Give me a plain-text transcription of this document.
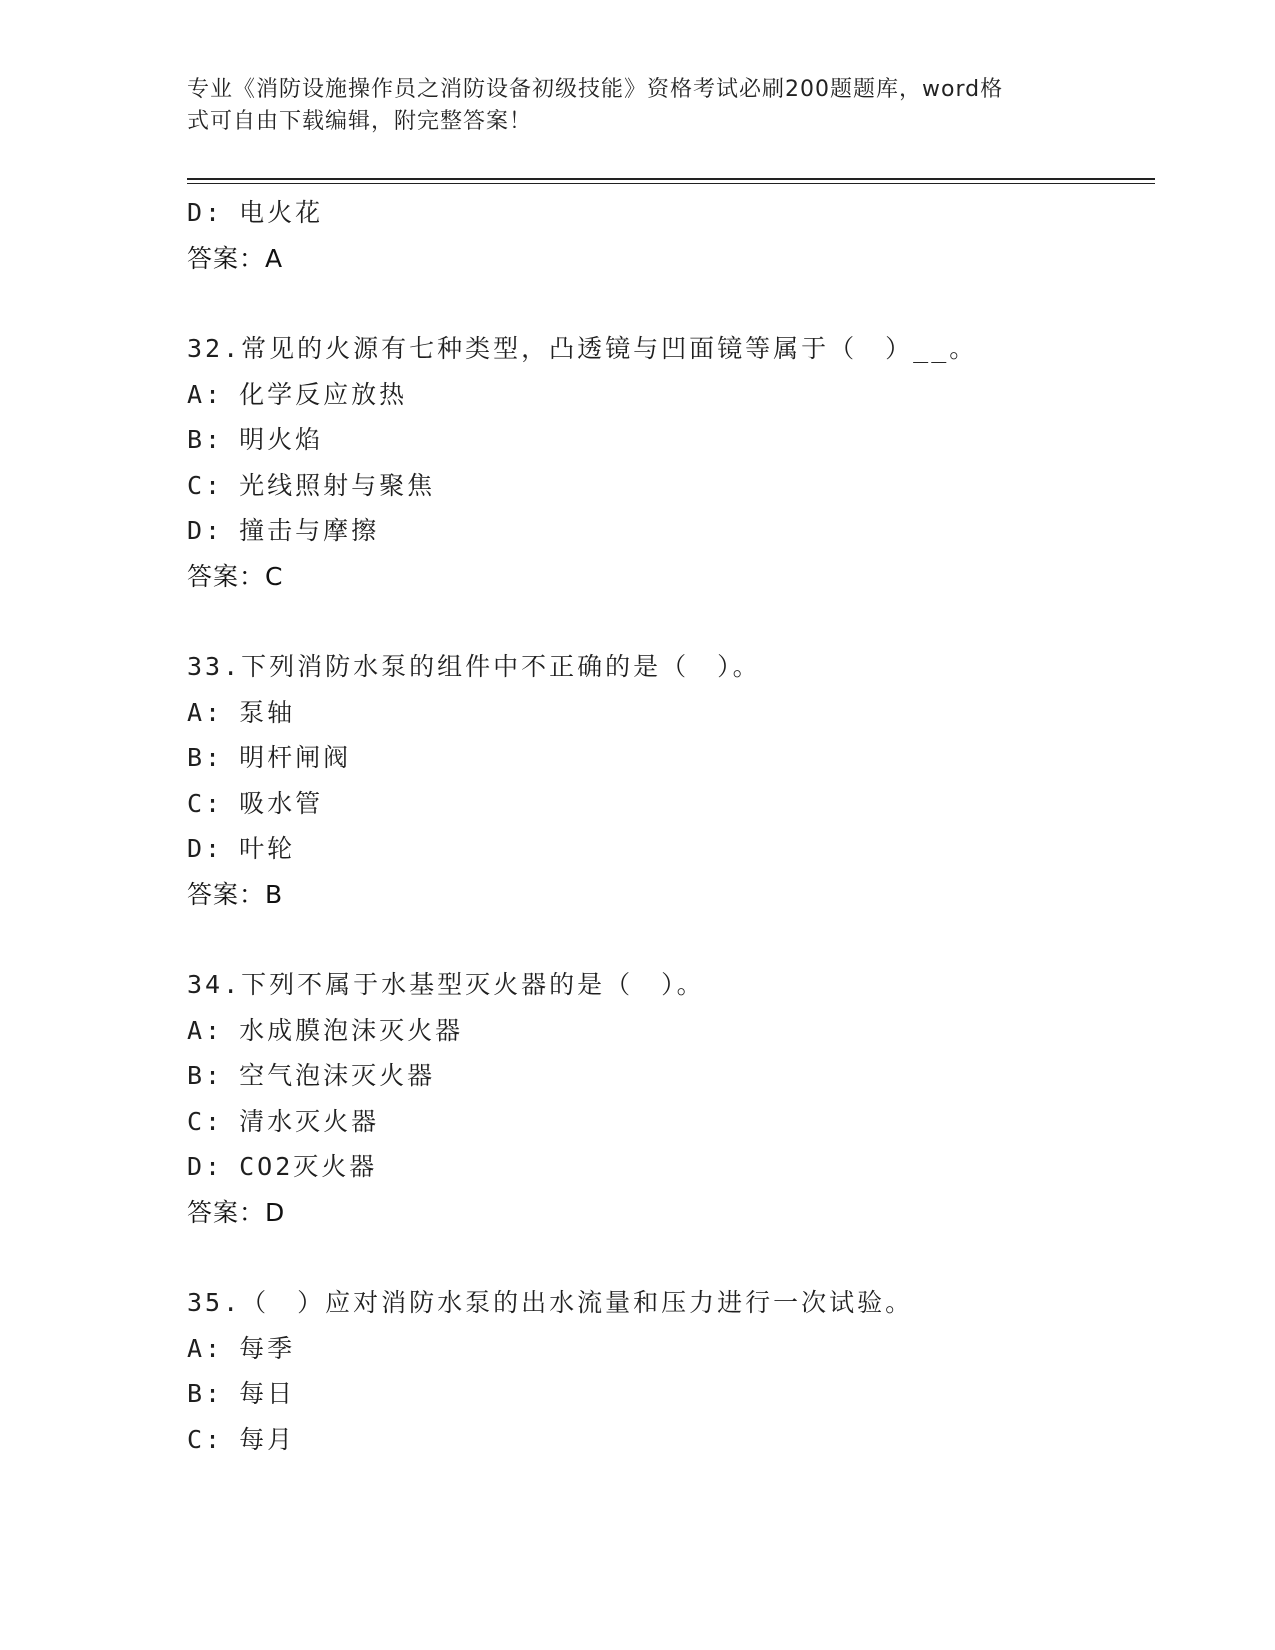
专业《消防设施操作员之消防设备初级技能》资格考试必刷200题题库，word格
式可自由下载编辑，附完整答案！
D: 电火花
答案：A
32.常见的火源有七种类型，凸透镜与凹面镜等属于（　）__。
A: 化学反应放热
B: 明火焰
C: 光线照射与聚焦
D: 撞击与摩擦
答案：C
33.下列消防水泵的组件中不正确的是（　）。
A: 泵轴
B: 明杆闸阀
C: 吸水管
D: 叶轮
答案：B
34.下列不属于水基型灭火器的是（　）。
A: 水成膜泡沫灭火器
B: 空气泡沫灭火器
C: 清水灭火器
D: CO2灭火器
答案：D
35.（　）应对消防水泵的出水流量和压力进行一次试验。
A: 每季
B: 每日
C: 每月
